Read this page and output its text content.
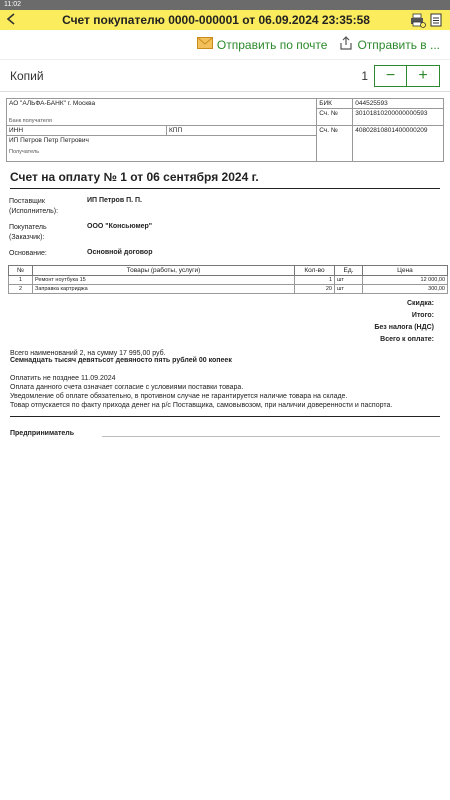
11:02
Счет покупателю 0000-000001 от 06.09.2024 23:35:58
Отправить по почте	Отправить в ...
Копий	1	−	+
АО "АЛЬФА-БАНК" г. Москва		БИК	044525593
		Сч. №	30101810200000000593

Банк получателя			

ИНН	КПП	Сч. №	40802810801400000209

ИП Петров Петр Петрович
Получатель			
Счет на оплату № 1 от 06 сентября 2024 г.
Поставщик
(Исполнитель):
ИП Петров П. П.
Покупатель
(Заказчик):
ООО "Консьюмер"
Основание:	Основной договор
№	Товары (работы, услуги)	Кол-во	Ед.	Цена
1	Ремонт ноутбука 15	1	шт	12 000,00
2	Заправка картриджа	20	шт	300,00
Скидка:
Итого:
Без налога (НДС)
Всего к оплате:
Всего наименований 2, на сумму 17 995,00 руб.
Семнадцать тысяч девятьсот девяносто пять рублей 00 копеек
Оплатить не позднее 11.09.2024
Оплата данного счета означает согласие с условиями поставки товара.
Уведомление об оплате обязательно, в противном случае не гарантируется наличие товара на складе.
Товар отпускается по факту прихода денег на р/с Поставщика, самовывозом, при наличии доверенности и паспорта.
Предприниматель
